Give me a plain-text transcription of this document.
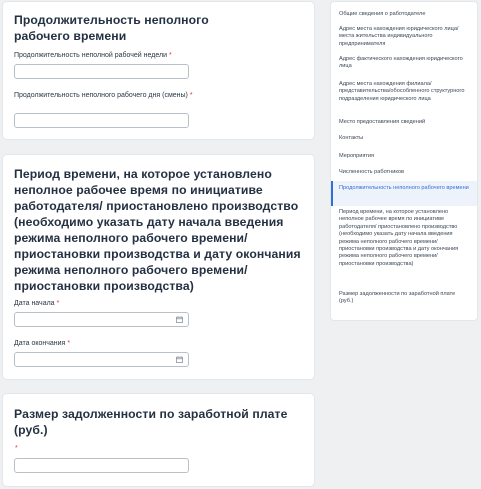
Продолжительность неполного рабочего времени
Продолжительность неполной рабочей недели *
Продолжительность неполного рабочего дня (смены) *
Период времени, на которое установлено неполное рабочее время по инициативе работодателя/ приостановлено производство (необходимо указать дату начала введения режима неполного рабочего времени/ приостановки производства и дату окончания режима неполного рабочего времени/приостановки производства)
Дата начала *
Дата окончания *
Размер задолженности по заработной плате (руб.)
*
Общие сведения о работодателе
Адрес места нахождения юридического лица/ места жительства индивидуального предпринимателя
Адрес фактического нахождения юридического лица
Адрес места нахождения филиала/ представительства/обособленного структурного подразделения юридического лица
Место предоставления сведений
Контакты
Мероприятия
Численность работников
Продолжительность неполного рабочего времени
Период времени, на которое установлено неполное рабочее время по инициативе работодателя/ приостановлено производство (необходимо указать дату начала введения режима неполного рабочего времени/приостановки производства и дату окончания режима неполного рабочего времени/приостановки производства)
Размер задолженности по заработной плате (руб.)
